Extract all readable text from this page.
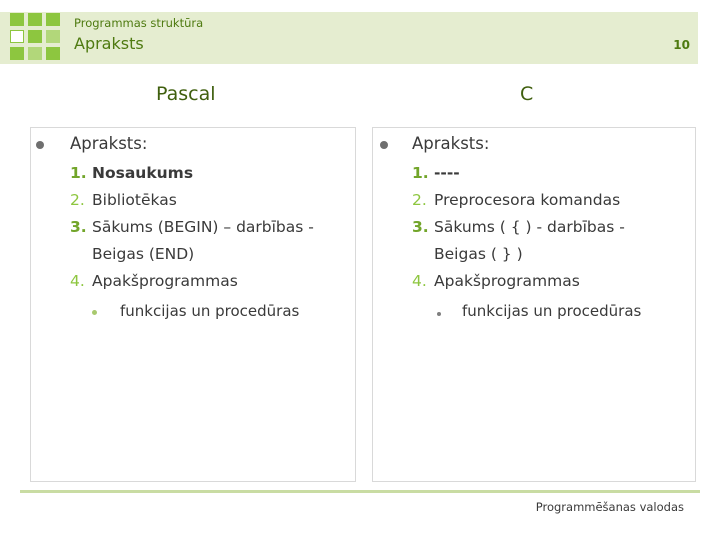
Programmas struktūra
Apraksts	10
Pascal	C
Apraksts:
1. Nosaukums
2. Bibliotēkas
3. Sākums (BEGIN) – darbības -
Beigas (END)
4. Apakšprogrammas
funkcijas un procedūras
Apraksts:
1. ----
2. Preprocesora komandas
3. Sākums ( { ) - darbības -
Beigas ( } )
4. Apakšprogrammas
funkcijas un procedūras
Programmēšanas valodas
